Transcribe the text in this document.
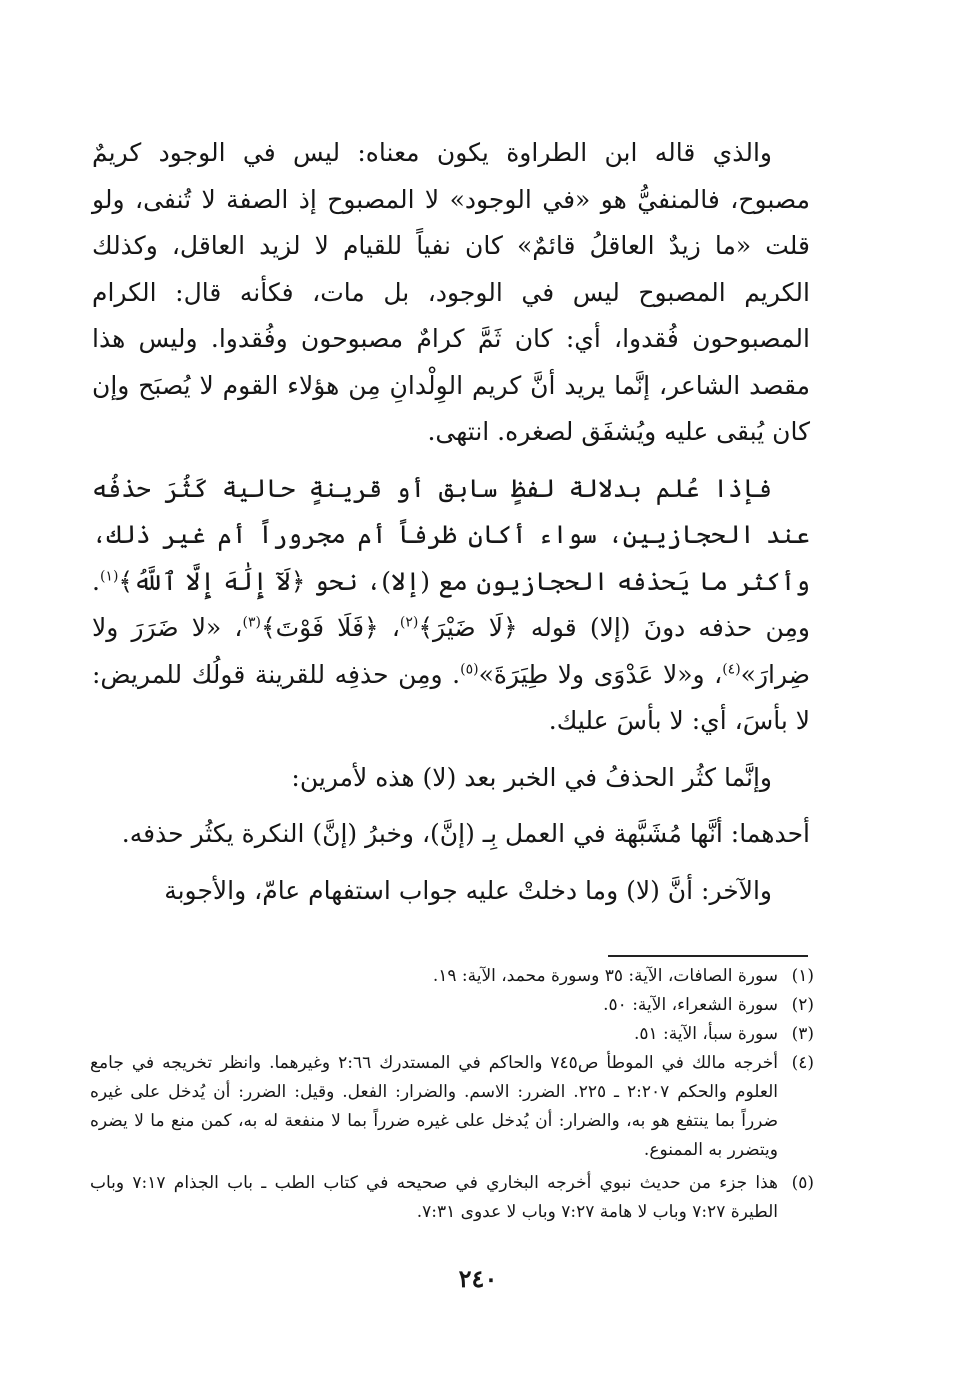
والذي قاله ابن الطراوة يكون معناه: ليس في الوجود كريمٌ مصبوح، فالمنفيُّ هو «في الوجود» لا المصبوح إذ الصفة لا تُنفى، ولو قلت «ما زيدٌ العاقلُ قائمٌ» كان نفياً للقيام لا لزيد العاقل، وكذلك الكريم المصبوح ليس في الوجود، بل مات، فكأنه قال: الكرام المصبوحون فُقدوا، أي: كان ثَمَّ كرامٌ مصبوحون وفُقدوا. وليس هذا مقصد الشاعر، إنَّما يريد أنَّ كريم الوِلْدانِ مِن هؤلاء القوم لا يُصبَح وإن كان يُبقى عليه ويُشفَق لصغره. انتهى.

فإذا عُلم بدلالة لفظٍ سابق أو قرينةٍ حالية كَثُرَ حذفُه عند الحجازيين، سواء أكان ظرفاً أم مجروراً أم غير ذلك، وأكثر ما يَحذفه الحجازيون مع (إلا)، نحو ﴿لَآ إِلَٰهَ إِلَّا ٱللَّهُ﴾$^{(١)}$. ومِن حذفه دونَ (إلا) قوله ﴿لَا ضَيْرَ﴾$^{(٢)}$، ﴿فَلَا فَوْتَ﴾$^{(٣)}$، «لا ضَرَرَ ولا ضِرارَ»$^{(٤)}$، و«لا عَدْوَى ولا طِيَرَةَ»$^{(٥)}$. ومِن حذفِه للقرينة قولُك للمريض: لا بأسَ، أي: لا بأسَ عليك.

وإنَّما كثُر الحذفُ في الخبر بعد (لا) هذه لأمرين:

أحدهما: أنَّها مُشَبَّهة في العمل بِـ (إنَّ)، وخبرُ (إنَّ) النكرة يكثُر حذفه.

والآخر: أنَّ (لا) وما دخلتْ عليه جواب استفهام عامّ، والأجوبة

(١)
سورة الصافات، الآية: ٣٥ وسورة محمد، الآية: ١٩.
(٢)
سورة الشعراء، الآية: ٥٠.
(٣)
سورة سبأ، الآية: ٥١.
(٤)
أخرجه مالك في الموطأ ص٧٤٥ والحاكم في المستدرك ٢:٦٦ وغيرهما. وانظر تخريجه في جامع العلوم والحكم ٢:٢٠٧ ـ ٢٢٥. الضرر: الاسم. والضرار: الفعل. وقيل: الضرر: أن يُدخل على غيره ضرراً بما ينتفع هو به، والضرار: أن يُدخل على غيره ضرراً بما لا منفعة له به، كمن منع ما لا يضره ويتضرر به الممنوع.
(٥)
هذا جزء من حديث نبوي أخرجه البخاري في صحيحه في كتاب الطب ـ باب الجذام ٧:١٧ وباب الطيرة ٧:٢٧ وباب لا هامة ٧:٢٧ وباب لا عدوى ٧:٣١.
٢٤٠
